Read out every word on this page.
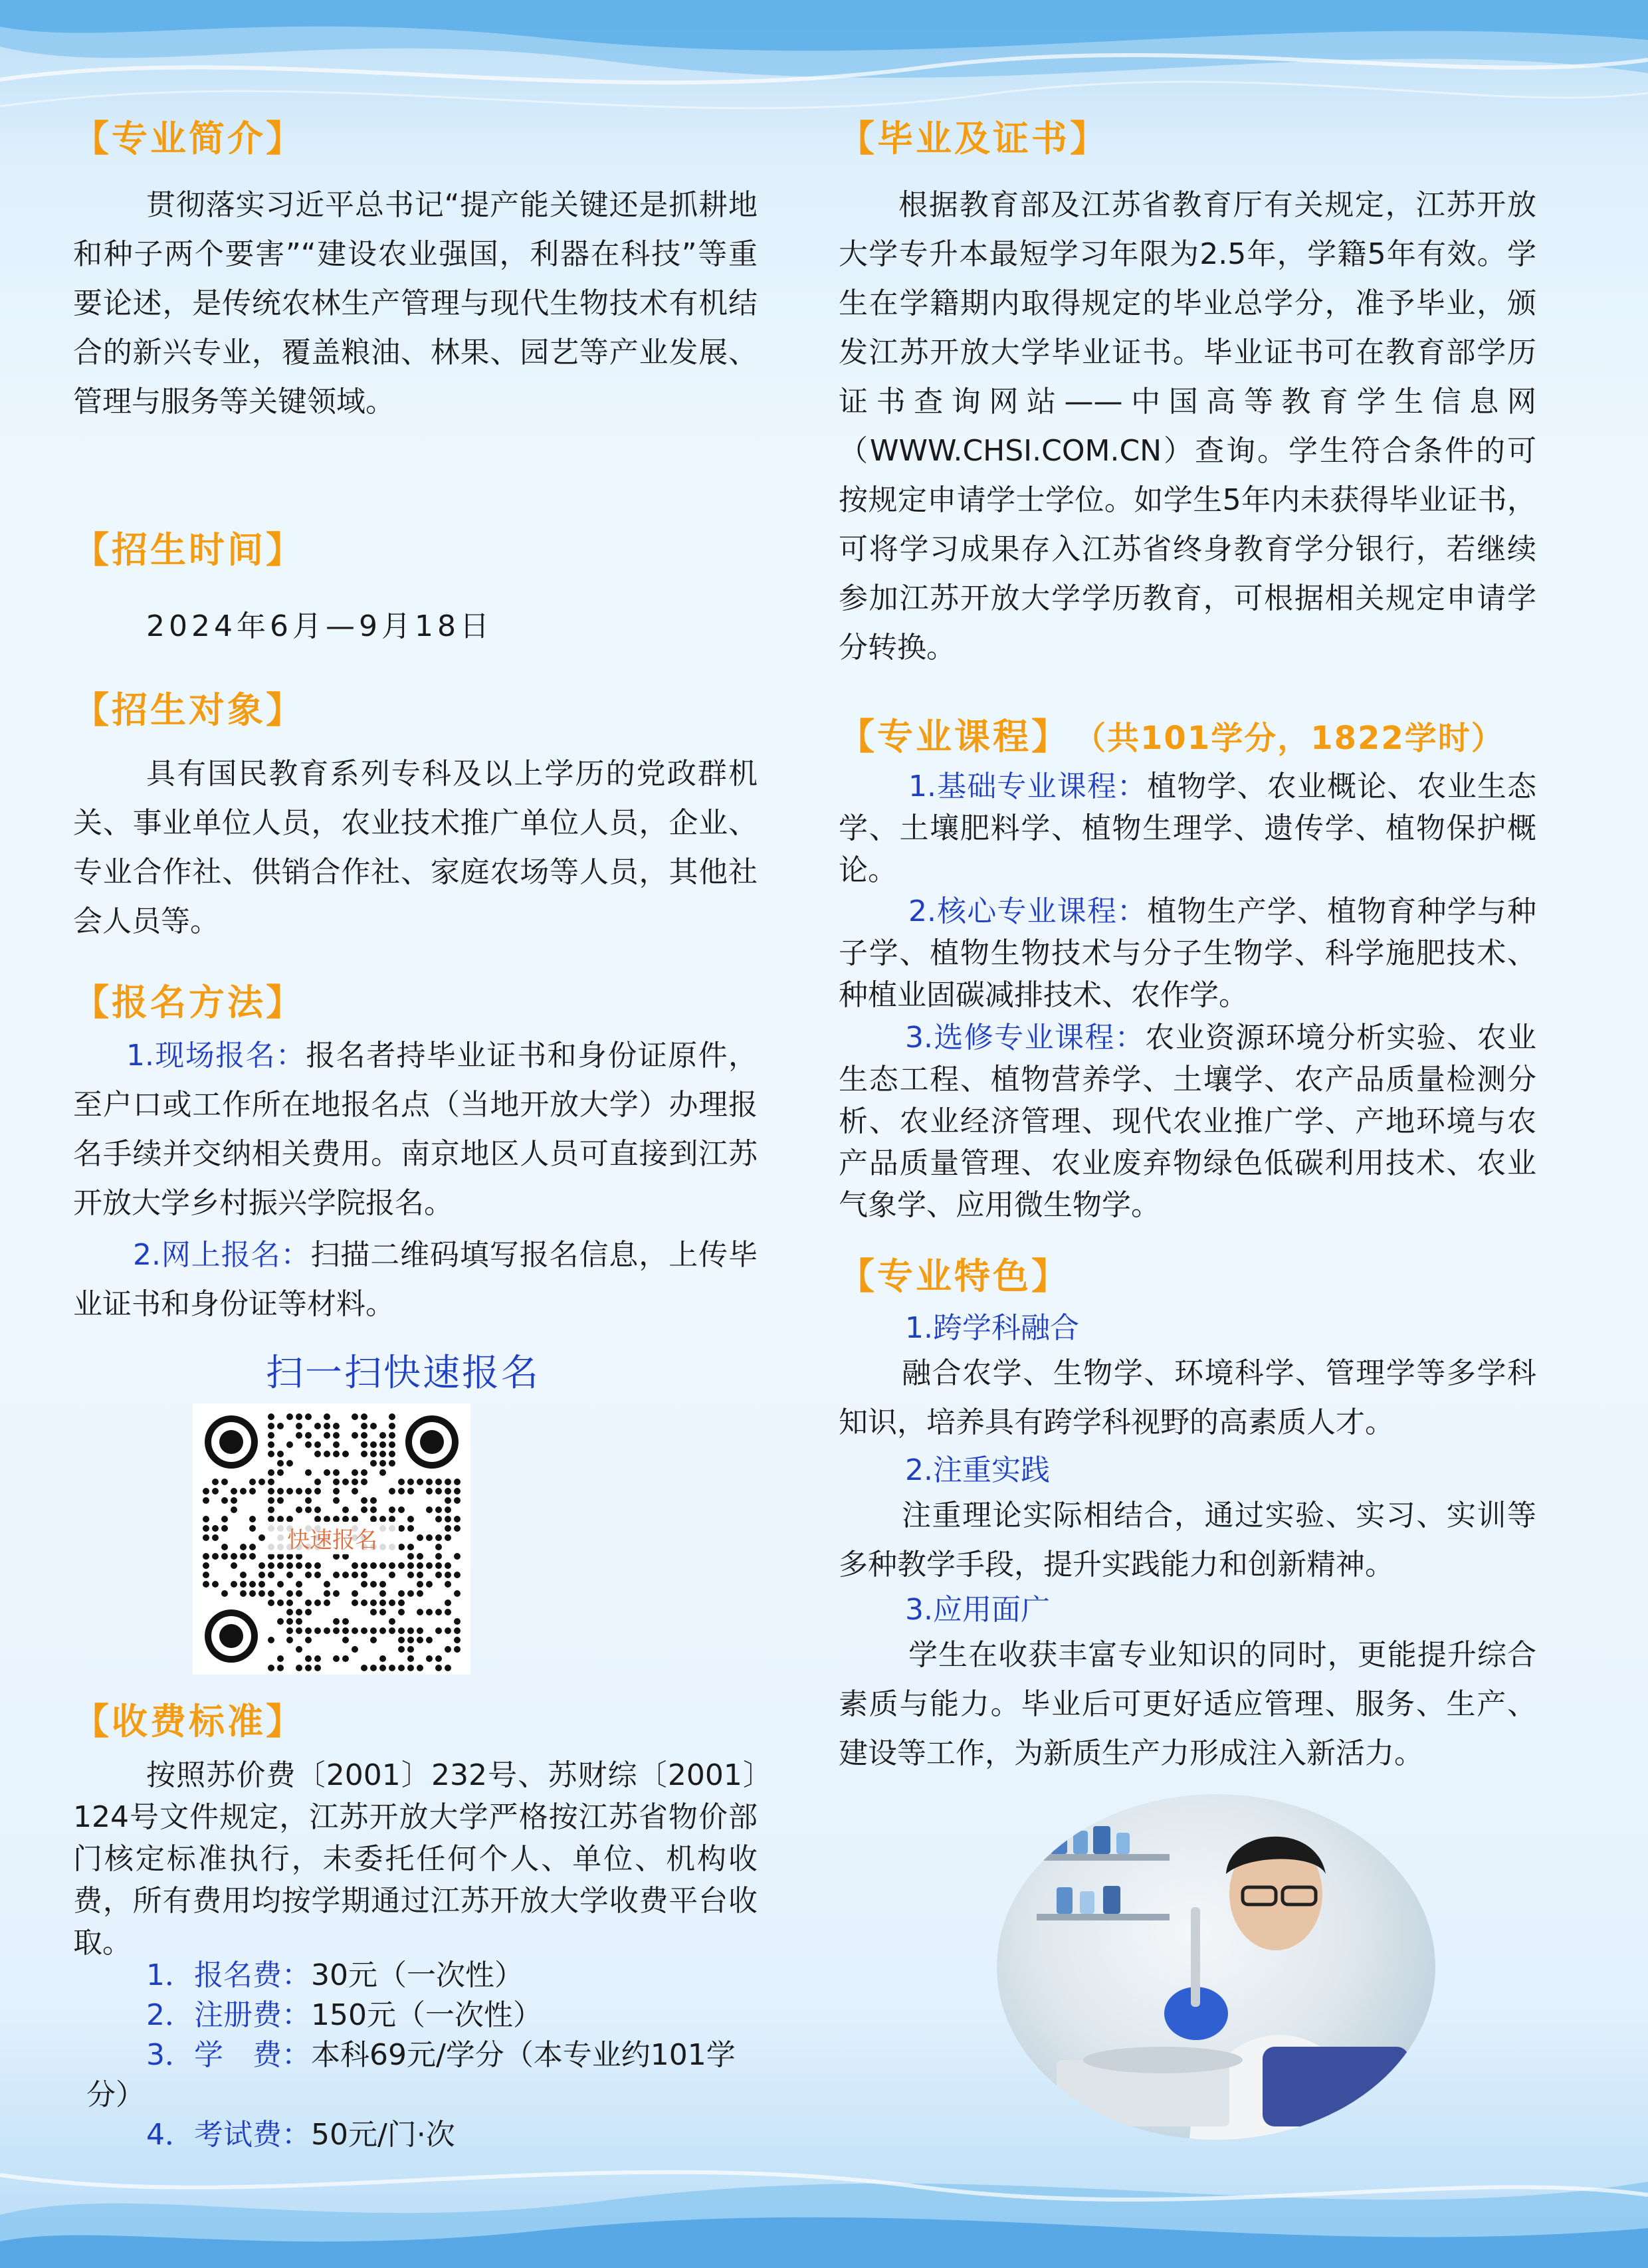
【专业简介】

贯彻落实习近平总书记“提产能关键还是抓耕地和种子两个要害”“建设农业强国，利器在科技”等重要论述，是传统农林生产管理与现代生物技术有机结合的新兴专业，覆盖粮油、林果、园艺等产业发展、管理与服务等关键领域。

【招生时间】

2024年6月—9月18日

【招生对象】

具有国民教育系列专科及以上学历的党政群机关、事业单位人员，农业技术推广单位人员，企业、专业合作社、供销合作社、家庭农场等人员，其他社会人员等。

【报名方法】

1.现场报名：报名者持毕业证书和身份证原件，至户口或工作所在地报名点（当地开放大学）办理报名手续并交纳相关费用。南京地区人员可直接到江苏开放大学乡村振兴学院报名。

2.网上报名：扫描二维码填写报名信息，上传毕业证书和身份证等材料。

扫一扫快速报名
快速报名
【收费标准】

按照苏价费〔2001〕232号、苏财综〔2001〕124号文件规定，江苏开放大学严格按江苏省物价部门核定标准执行，未委托任何个人、单位、机构收费，所有费用均按学期通过江苏开放大学收费平台收取。

1．报名费：30元（一次性）
2．注册费：150元（一次性）
3．学　费：本科69元/学分（本专业约101学
分）
4．考试费：50元/门·次
【毕业及证书】

根据教育部及江苏省教育厅有关规定，江苏开放大学专升本最短学习年限为2.5年，学籍5年有效。学生在学籍期内取得规定的毕业总学分，准予毕业，颁发江苏开放大学毕业证书。毕业证书可在教育部学历证书查询网站——中国高等教育学生信息网（WWW.CHSI.COM.CN）查询。学生符合条件的可按规定申请学士学位。如学生5年内未获得毕业证书，可将学习成果存入江苏省终身教育学分银行，若继续参加江苏开放大学学历教育，可根据相关规定申请学分转换。

【专业课程】 （共101学分，1822学时）

1.基础专业课程：植物学、农业概论、农业生态学、土壤肥料学、植物生理学、遗传学、植物保护概论。

2.核心专业课程：植物生产学、植物育种学与种子学、植物生物技术与分子生物学、科学施肥技术、种植业固碳减排技术、农作学。

3.选修专业课程：农业资源环境分析实验、农业生态工程、植物营养学、土壤学、农产品质量检测分析、农业经济管理、现代农业推广学、产地环境与农产品质量管理、农业废弃物绿色低碳利用技术、农业气象学、应用微生物学。

【专业特色】
1.跨学科融合

融合农学、生物学、环境科学、管理学等多学科知识，培养具有跨学科视野的高素质人才。

2.注重实践

注重理论实际相结合，通过实验、实习、实训等多种教学手段，提升实践能力和创新精神。

3.应用面广

学生在收获丰富专业知识的同时，更能提升综合素质与能力。毕业后可更好适应管理、服务、生产、建设等工作，为新质生产力形成注入新活力。
